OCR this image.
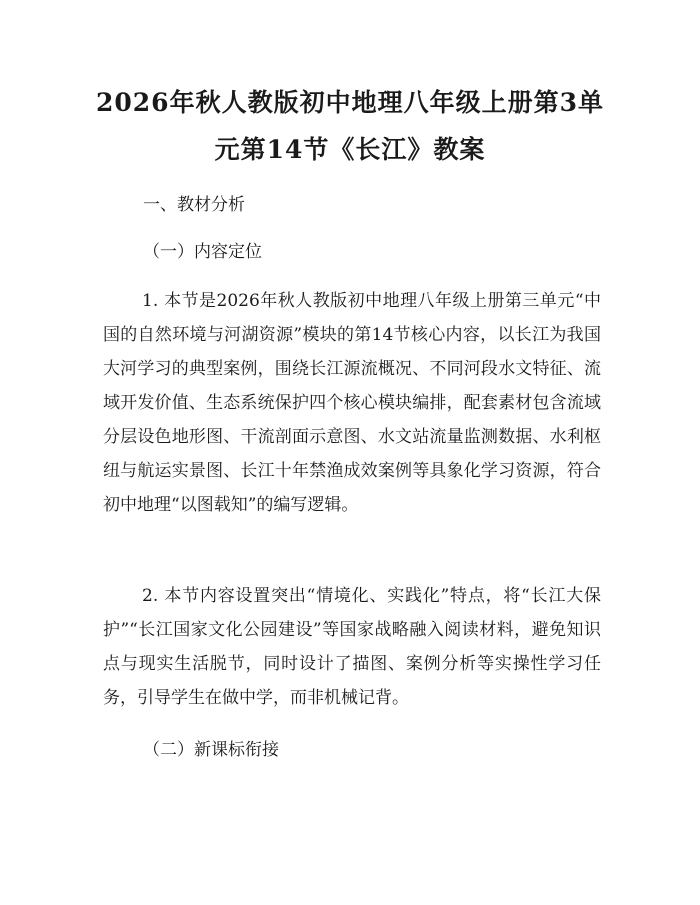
2026年秋人教版初中地理八年级上册第3单
元第14节《长江》教案
一、教材分析
（一）内容定位
1. 本节是2026年秋人教版初中地理八年级上册第三单元“中国的自然环境与河湖资源”模块的第14节核心内容，以长江为我国大河学习的典型案例，围绕长江源流概况、不同河段水文特征、流域开发价值、生态系统保护四个核心模块编排，配套素材包含流域分层设色地形图、干流剖面示意图、水文站流量监测数据、水利枢纽与航运实景图、长江十年禁渔成效案例等具象化学习资源，符合初中地理“以图载知”的编写逻辑。
2. 本节内容设置突出“情境化、实践化”特点，将“长江大保护”“长江国家文化公园建设”等国家战略融入阅读材料，避免知识点与现实生活脱节，同时设计了描图、案例分析等实操性学习任务，引导学生在做中学，而非机械记背。
（二）新课标衔接
